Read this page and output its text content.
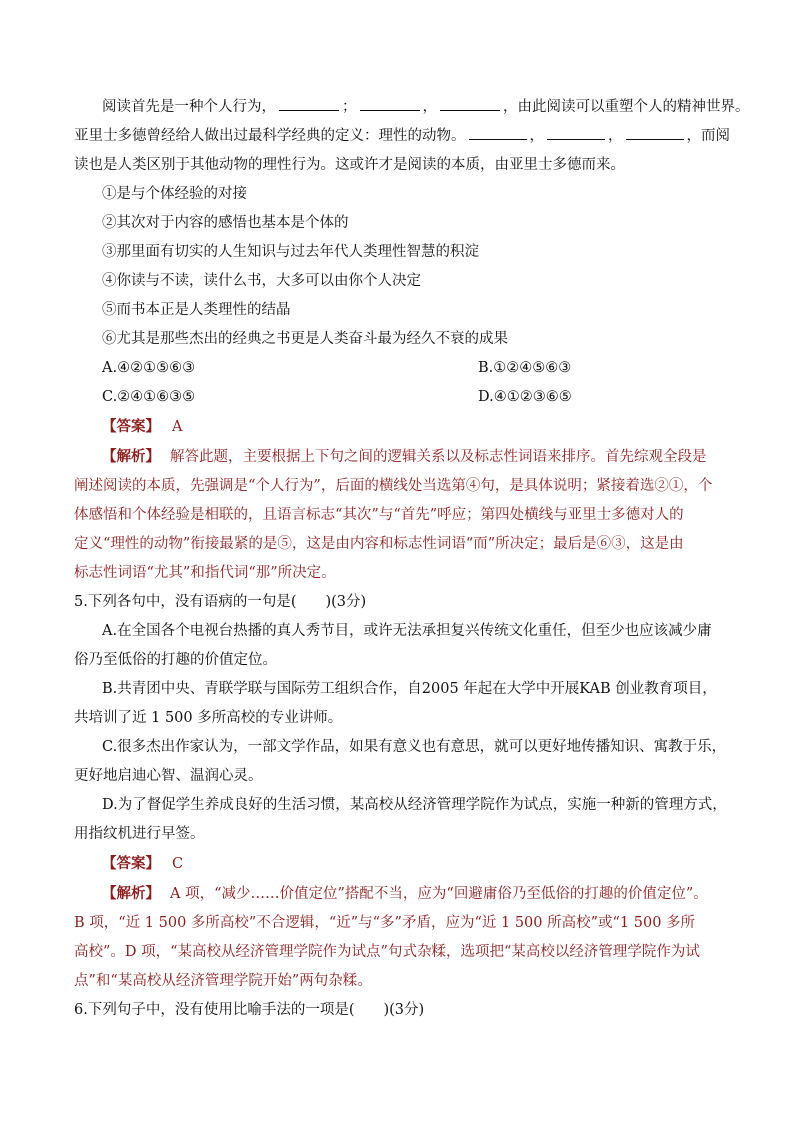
阅读首先是一种个人行为，	；	，	，由此阅读可以重塑个人的精神世界。
亚里士多德曾经给人做出过最科学经典的定义：理性的动物。	，	，	，而阅
读也是人类区别于其他动物的理性行为。这或许才是阅读的本质，由亚里士多德而来。
①是与个体经验的对接
②其次对于内容的感悟也基本是个体的
③那里面有切实的人生知识与过去年代人类理性智慧的积淀
④你读与不读，读什么书，大多可以由你个人决定
⑤而书本正是人类理性的结晶
⑥尤其是那些杰出的经典之书更是人类奋斗最为经久不衰的成果
A.④②①⑤⑥③	B.①②④⑤⑥③
C.②④①⑥③⑤	D.④①②③⑥⑤
【答案】 A
【解析】 解答此题，主要根据上下句之间的逻辑关系以及标志性词语来排序。首先综观全段是
阐述阅读的本质，先强调是“个人行为”，后面的横线处当选第④句，是具体说明；紧接着选②①，个
体感悟和个体经验是相联的，且语言标志“其次”与“首先”呼应；第四处横线与亚里士多德对人的
定义“理性的动物”衔接最紧的是⑤，这是由内容和标志性词语“而”所决定；最后是⑥③，这是由
标志性词语“尤其”和指代词“那”所决定。
5.下列各句中，没有语病的一句是(　　)(3分)
A.在全国各个电视台热播的真人秀节目，或许无法承担复兴传统文化重任，但至少也应该减少庸
俗乃至低俗的打趣的价值定位。
B.共青团中央、青联学联与国际劳工组织合作，自2005 年起在大学中开展KAB 创业教育项目，
共培训了近 1 500 多所高校的专业讲师。
C.很多杰出作家认为，一部文学作品，如果有意义也有意思，就可以更好地传播知识、寓教于乐，
更好地启迪心智、温润心灵。
D.为了督促学生养成良好的生活习惯，某高校从经济管理学院作为试点，实施一种新的管理方式，
用指纹机进行早签。
【答案】 C
【解析】 A 项，“减少……价值定位”搭配不当，应为“回避庸俗乃至低俗的打趣的价值定位”。
B 项，“近 1 500 多所高校”不合逻辑，“近”与“多”矛盾，应为“近 1 500 所高校”或“1 500 多所
高校”。D 项，“某高校从经济管理学院作为试点”句式杂糅，选项把“某高校以经济管理学院作为试
点”和“某高校从经济管理学院开始”两句杂糅。
6.下列句子中，没有使用比喻手法的一项是(　　)(3分)
